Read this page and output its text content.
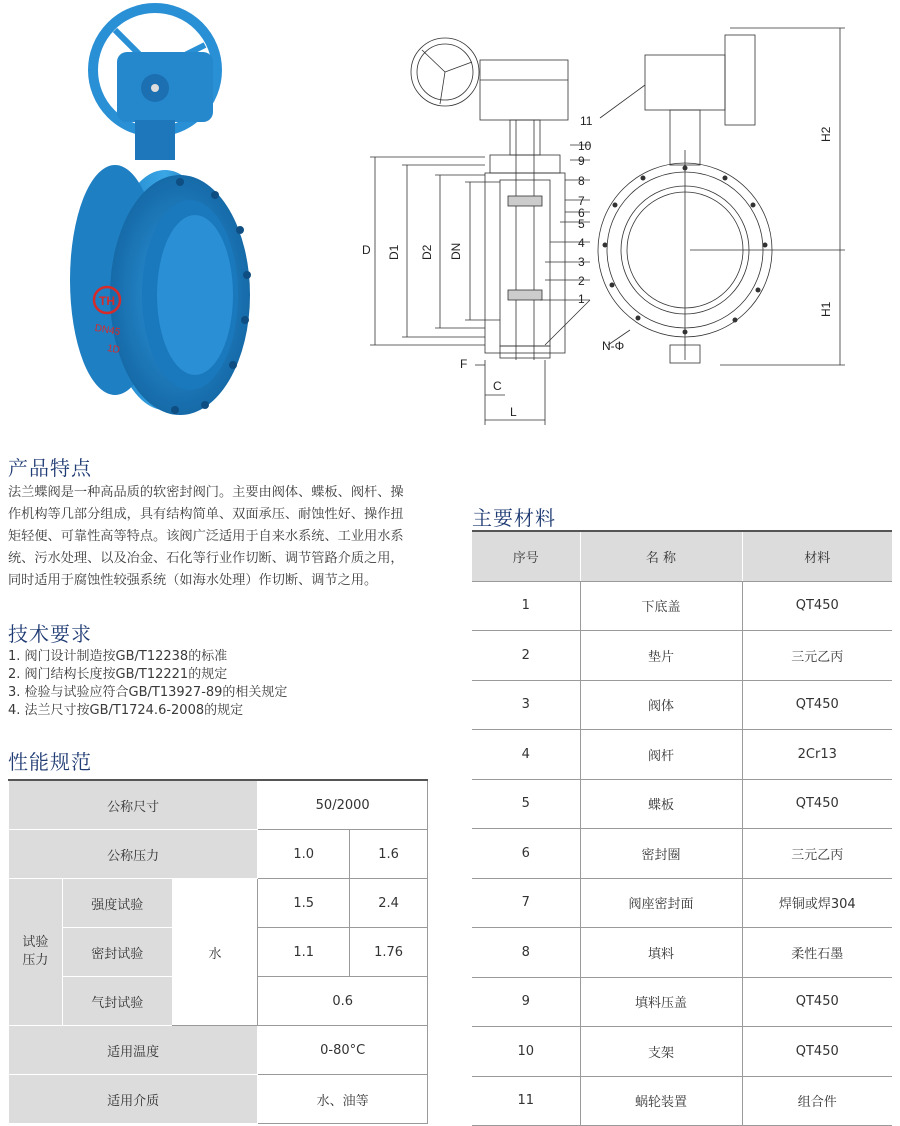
TH
DN45
1D
D D1 D2 DN
F
C
L
H2
H1
N-Φ
11
10
9
8
7
6
5
4
3
2
1
产品特点
法兰蝶阀是一种高品质的软密封阀门。主要由阀体、蝶板、阀杆、操
作机构等几部分组成，具有结构简单、双面承压、耐蚀性好、操作扭
矩轻便、可靠性高等特点。该阀广泛适用于自来水系统、工业用水系
统、污水处理、以及冶金、石化等行业作切断、调节管路介质之用，
同时适用于腐蚀性较强系统（如海水处理）作切断、调节之用。
技术要求
1. 阀门设计制造按GB/T12238的标准
2. 阀门结构长度按GB/T12221的规定
3. 检验与试验应符合GB/T13927-89的相关规定
4. 法兰尺寸按GB/T1724.6-2008的规定
性能规范
公称尺寸			50/2000	
公称压力			1.0	1.6
试验
压力	强度试验	水	1.5	2.4
	密封试验		1.1	1.76
	气封试验		0.6	
适用温度			0-80°C	
适用介质			水、油等	
主要材料
序号	名 称	材料
1	下底盖	QT450
2	垫片	三元乙丙
3	阀体	QT450
4	阀杆	2Cr13
5	蝶板	QT450
6	密封圈	三元乙丙
7	阀座密封面	焊铜或焊304
8	填料	柔性石墨
9	填料压盖	QT450
10	支架	QT450
11	蜗轮装置	组合件
